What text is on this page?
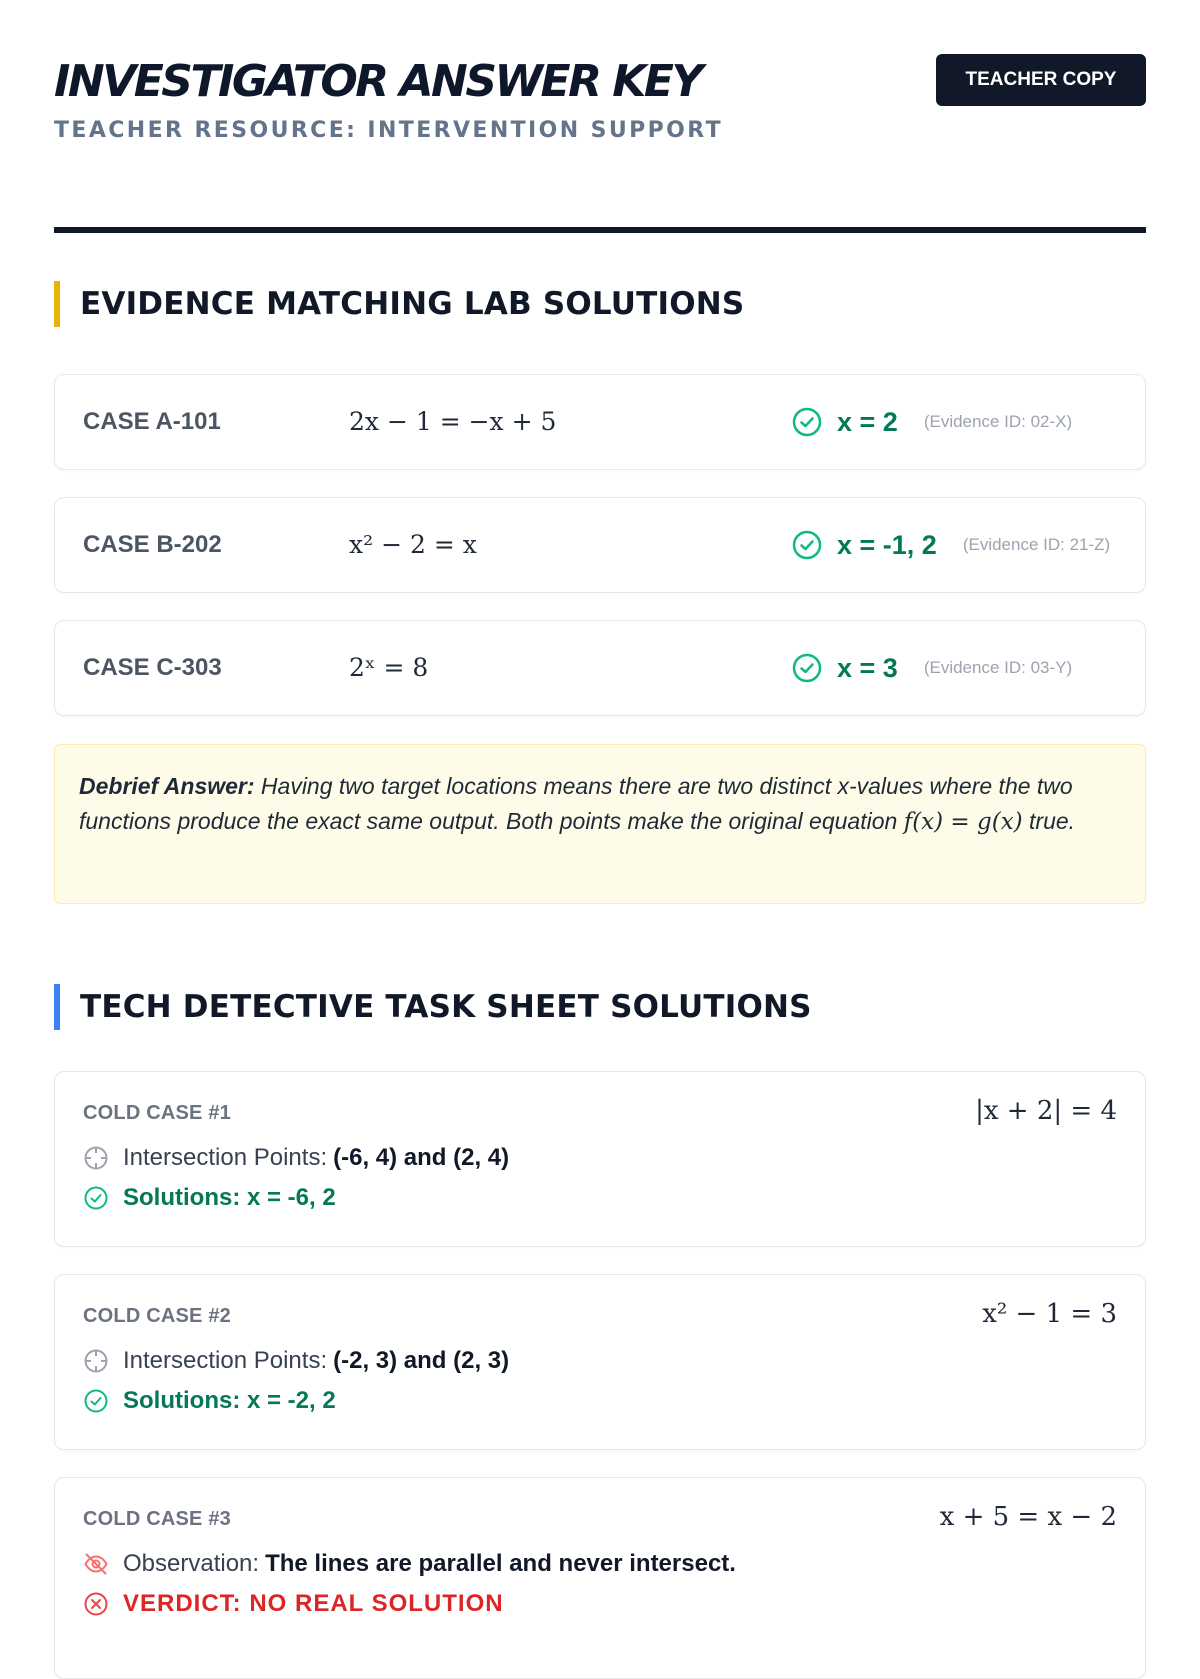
INVESTIGATOR ANSWER KEY
TEACHER RESOURCE: INTERVENTION SUPPORT
TEACHER COPY
EVIDENCE MATCHING LAB SOLUTIONS
CASE A-101	2x − 1 = −x + 5	x = 2 (Evidence ID: 02-X)
CASE B-202	x² − 2 = x	x = -1, 2 (Evidence ID: 21-Z)
CASE C-303	2ˣ = 8	x = 3 (Evidence ID: 03-Y)
Debrief Answer: Having two target locations means there are two distinct x-values where the two functions produce the exact same output. Both points make the original equation f(x) = g(x) true.
TECH DETECTIVE TASK SHEET SOLUTIONS
COLD CASE #1	|x + 2| = 4
Intersection Points: (-6, 4) and (2, 4)
Solutions: x = -6, 2
COLD CASE #2	x² − 1 = 3
Intersection Points: (-2, 3) and (2, 3)
Solutions: x = -2, 2
COLD CASE #3	x + 5 = x − 2
Observation: The lines are parallel and never intersect.
VERDICT: NO REAL SOLUTION
